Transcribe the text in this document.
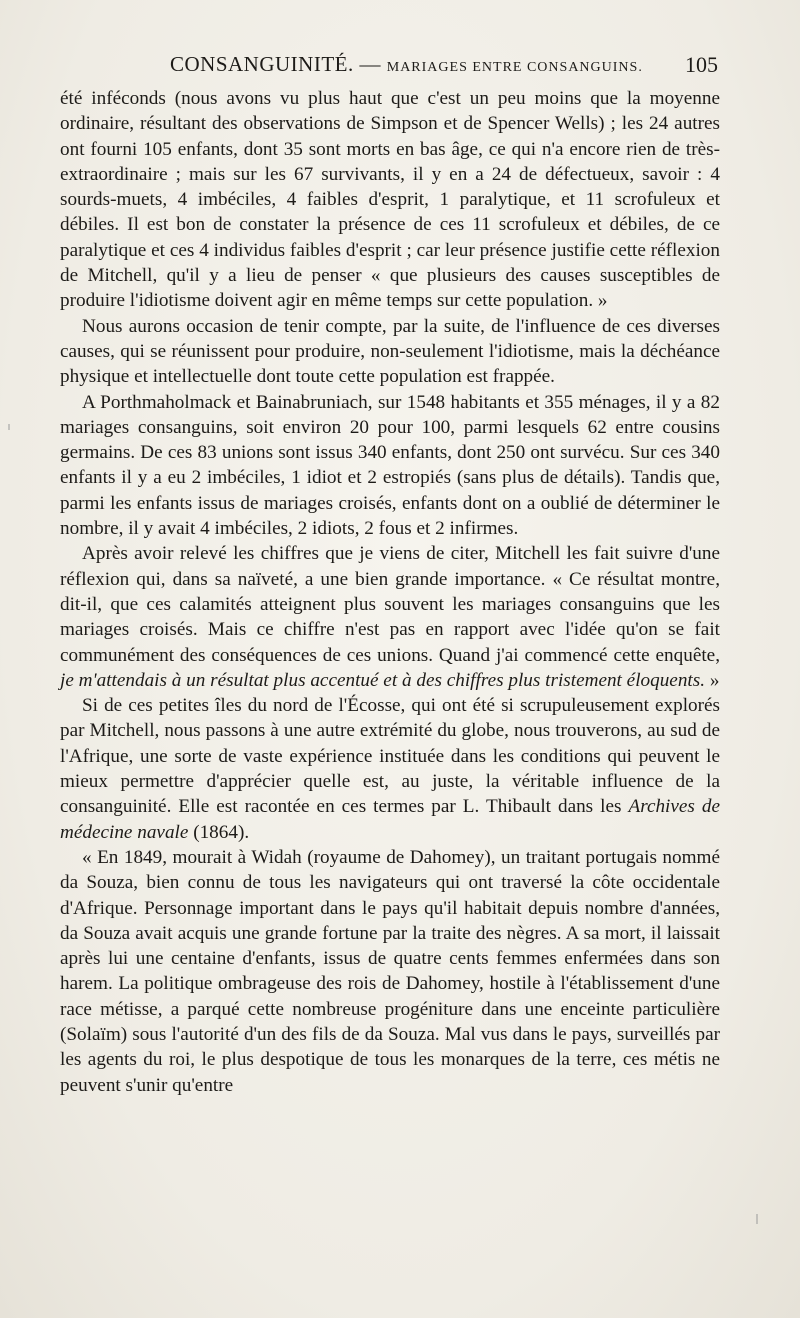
CONSANGUINITÉ. — MARIAGES ENTRE CONSANGUINS. 105

été inféconds (nous avons vu plus haut que c'est un peu moins que la moyenne ordinaire, résultant des observations de Simpson et de Spencer Wells) ; les 24 autres ont fourni 105 enfants, dont 35 sont morts en bas âge, ce qui n'a encore rien de très-extraordinaire ; mais sur les 67 survivants, il y en a 24 de défectueux, savoir : 4 sourds-muets, 4 imbéciles, 4 faibles d'esprit, 1 paralytique, et 11 scrofuleux et débiles. Il est bon de constater la présence de ces 11 scrofuleux et débiles, de ce paralytique et ces 4 individus faibles d'esprit ; car leur présence justifie cette réflexion de Mitchell, qu'il y a lieu de penser « que plusieurs des causes susceptibles de produire l'idiotisme doivent agir en même temps sur cette population. »

Nous aurons occasion de tenir compte, par la suite, de l'influence de ces diverses causes, qui se réunissent pour produire, non-seulement l'idiotisme, mais la déchéance physique et intellectuelle dont toute cette population est frappée.

A Porthmaholmack et Bainabruniach, sur 1548 habitants et 355 ménages, il y a 82 mariages consanguins, soit environ 20 pour 100, parmi lesquels 62 entre cousins germains. De ces 83 unions sont issus 340 enfants, dont 250 ont survécu. Sur ces 340 enfants il y a eu 2 imbéciles, 1 idiot et 2 estropiés (sans plus de détails). Tandis que, parmi les enfants issus de mariages croisés, enfants dont on a oublié de déterminer le nombre, il y avait 4 imbéciles, 2 idiots, 2 fous et 2 infirmes.

Après avoir relevé les chiffres que je viens de citer, Mitchell les fait suivre d'une réflexion qui, dans sa naïveté, a une bien grande importance. « Ce résultat montre, dit-il, que ces calamités atteignent plus souvent les mariages consanguins que les mariages croisés. Mais ce chiffre n'est pas en rapport avec l'idée qu'on se fait communément des conséquences de ces unions. Quand j'ai commencé cette enquête, je m'attendais à un résultat plus accentué et à des chiffres plus tristement éloquents. »

Si de ces petites îles du nord de l'Écosse, qui ont été si scrupuleusement explorés par Mitchell, nous passons à une autre extrémité du globe, nous trouverons, au sud de l'Afrique, une sorte de vaste expérience instituée dans les conditions qui peuvent le mieux permettre d'apprécier quelle est, au juste, la véritable influence de la consanguinité. Elle est racontée en ces termes par L. Thibault dans les Archives de médecine navale (1864).

« En 1849, mourait à Widah (royaume de Dahomey), un traitant portugais nommé da Souza, bien connu de tous les navigateurs qui ont traversé la côte occidentale d'Afrique. Personnage important dans le pays qu'il habitait depuis nombre d'années, da Souza avait acquis une grande fortune par la traite des nègres. A sa mort, il laissait après lui une centaine d'enfants, issus de quatre cents femmes enfermées dans son harem. La politique ombrageuse des rois de Dahomey, hostile à l'établissement d'une race métisse, a parqué cette nombreuse progéniture dans une enceinte particulière (Solaïm) sous l'autorité d'un des fils de da Souza. Mal vus dans le pays, surveillés par les agents du roi, le plus despotique de tous les monarques de la terre, ces métis ne peuvent s'unir qu'entre
